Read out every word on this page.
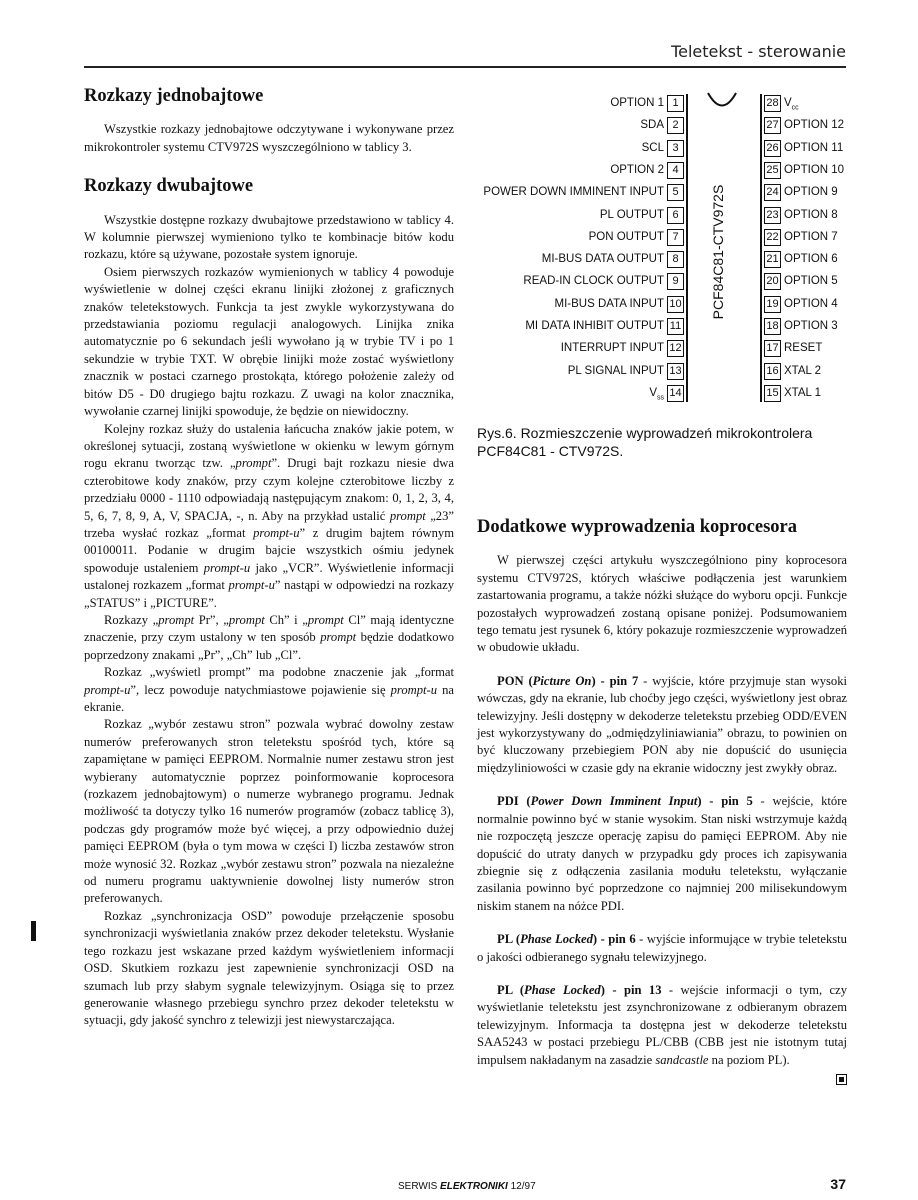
Teletekst - sterowanie
Rozkazy jednobajtowe

Wszystkie rozkazy jednobajtowe odczytywane i wykonywane przez mikrokontroler systemu CTV972S wyszczególniono w tablicy 3.

Rozkazy dwubajtowe

Wszystkie dostępne rozkazy dwubajtowe przedstawiono w tablicy 4. W kolumnie pierwszej wymieniono tylko te kombinacje bitów kodu rozkazu, które są używane, pozostałe system ignoruje.

Osiem pierwszych rozkazów wymienionych w tablicy 4 powoduje wyświetlenie w dolnej części ekranu linijki złożonej z graficznych znaków teletekstowych. Funkcja ta jest zwykle wykorzystywana do przedstawiania poziomu regulacji analogowych. Linijka znika automatycznie po 6 sekundach jeśli wywołano ją w trybie TV i po 1 sekundzie w trybie TXT. W obrębie linijki może zostać wyświetlony znacznik w postaci czarnego prostokąta, którego położenie zależy od bitów D5 - D0 drugiego bajtu rozkazu. Z uwagi na kolor znacznika, wywołanie czarnej linijki spowoduje, że będzie on niewidoczny.

Kolejny rozkaz służy do ustalenia łańcucha znaków jakie potem, w określonej sytuacji, zostaną wyświetlone w okienku w lewym górnym rogu ekranu tworząc tzw. „prompt”. Drugi bajt rozkazu niesie dwa czterobitowe kody znaków, przy czym kolejne czterobitowe liczby z przedziału 0000 - 1110 odpowiadają następującym znakom: 0, 1, 2, 3, 4, 5, 6, 7, 8, 9, A, V, SPACJA, -, n. Aby na przykład ustalić prompt „23” trzeba wysłać rozkaz „format prompt-u” z drugim bajtem równym 00100011. Podanie w drugim bajcie wszystkich ośmiu jedynek spowoduje ustaleniem prompt-u jako „VCR”. Wyświetlenie informacji ustalonej rozkazem „format prompt-u” nastąpi w odpowiedzi na rozkazy „STATUS” i „PICTURE”.

Rozkazy „prompt Pr”, „prompt Ch” i „prompt Cl” mają identyczne znaczenie, przy czym ustalony w ten sposób prompt będzie dodatkowo poprzedzony znakami „Pr”, „Ch” lub „Cl”.

Rozkaz „wyświetl prompt” ma podobne znaczenie jak „format prompt-u”, lecz powoduje natychmiastowe pojawienie się prompt-u na ekranie.

Rozkaz „wybór zestawu stron” pozwala wybrać dowolny zestaw numerów preferowanych stron teletekstu spośród tych, które są zapamiętane w pamięci EEPROM. Normalnie numer zestawu stron jest wybierany automatycznie poprzez poinformowanie koprocesora (rozkazem jednobajtowym) o numerze wybranego programu. Jednak możliwość ta dotyczy tylko 16 numerów programów (zobacz tablicę 3), podczas gdy programów może być więcej, a przy odpowiednio dużej pamięci EEPROM (była o tym mowa w części I) liczba zestawów stron może wynosić 32. Rozkaz „wybór zestawu stron” pozwala na niezależne od numeru programu uaktywnienie dowolnej listy numerów stron preferowanych.

Rozkaz „synchronizacja OSD” powoduje przełączenie sposobu synchronizacji wyświetlania znaków przez dekoder teletekstu. Wysłanie tego rozkazu jest wskazane przed każdym wyświetleniem informacji OSD. Skutkiem rozkazu jest zapewnienie synchronizacji OSD na szumach lub przy słabym sygnale telewizyjnym. Osiąga się to przez generowanie własnego przebiegu synchro przez dekoder teletekstu w sytuacji, gdy jakość synchro z telewizji jest niewystarczająca.

PCF84C81-CTV972S
OPTION 1 1
SDA 2
SCL 3
OPTION 2 4
POWER DOWN IMMINENT INPUT 5
PL OUTPUT 6
PON OUTPUT 7
MI-BUS DATA OUTPUT 8
READ-IN CLOCK OUTPUT 9
MI-BUS DATA INPUT 10
MI DATA INHIBIT OUTPUT 11
INTERRUPT INPUT 12
PL SIGNAL INPUT 13
$V_{ss}$ 14
28 $V_{cc}$
27 OPTION 12
26 OPTION 11
25 OPTION 10
24 OPTION 9
23 OPTION 8
22 OPTION 7
21 OPTION 6
20 OPTION 5
19 OPTION 4
18 OPTION 3
17 RESET
16 XTAL 2
15 XTAL 1
Rys.6. Rozmieszczenie wyprowadzeń mikrokontrolera PCF84C81 - CTV972S.
Dodatkowe wyprowadzenia koprocesora

W pierwszej części artykułu wyszczególniono piny koprocesora systemu CTV972S, których właściwe podłączenia jest warunkiem zastartowania programu, a także nóżki służące do wyboru opcji. Funkcje pozostałych wyprowadzeń zostaną opisane poniżej. Podsumowaniem tego tematu jest rysunek 6, który pokazuje rozmieszczenie wyprowadzeń w obudowie układu.

PON (Picture On) - pin 7 - wyjście, które przyjmuje stan wysoki wówczas, gdy na ekranie, lub choćby jego części, wyświetlony jest obraz telewizyjny. Jeśli dostępny w dekoderze teletekstu przebieg ODD/EVEN jest wykorzystywany do „odmiędzyliniawiania” obrazu, to powinien on być kluczowany przebiegiem PON aby nie dopuścić do usunięcia międzyliniowości w czasie gdy na ekranie widoczny jest zwykły obraz.

PDI (Power Down Imminent Input) - pin 5 - wejście, które normalnie powinno być w stanie wysokim. Stan niski wstrzymuje każdą nie rozpoczętą jeszcze operację zapisu do pamięci EEPROM. Aby nie dopuścić do utraty danych w przypadku gdy proces ich zapisywania zbiegnie się z odłączenia zasilania modułu teletekstu, wyłączanie zasilania powinno być poprzedzone co najmniej 200 milisekundowym niskim stanem na nóżce PDI.

PL (Phase Locked) - pin 6 - wyjście informujące w trybie teletekstu o jakości odbieranego sygnału telewizyjnego.

PL (Phase Locked) - pin 13 - wejście informacji o tym, czy wyświetlanie teletekstu jest zsynchronizowane z odbieranym obrazem telewizyjnym. Informacja ta dostępna jest w dekoderze teletekstu SAA5243 w postaci przebiegu PL/CBB (CBB jest nie istotnym tutaj impulsem nakładanym na zasadzie sandcastle na poziom PL).

SERWIS ELEKTRONIKI 12/97	37
